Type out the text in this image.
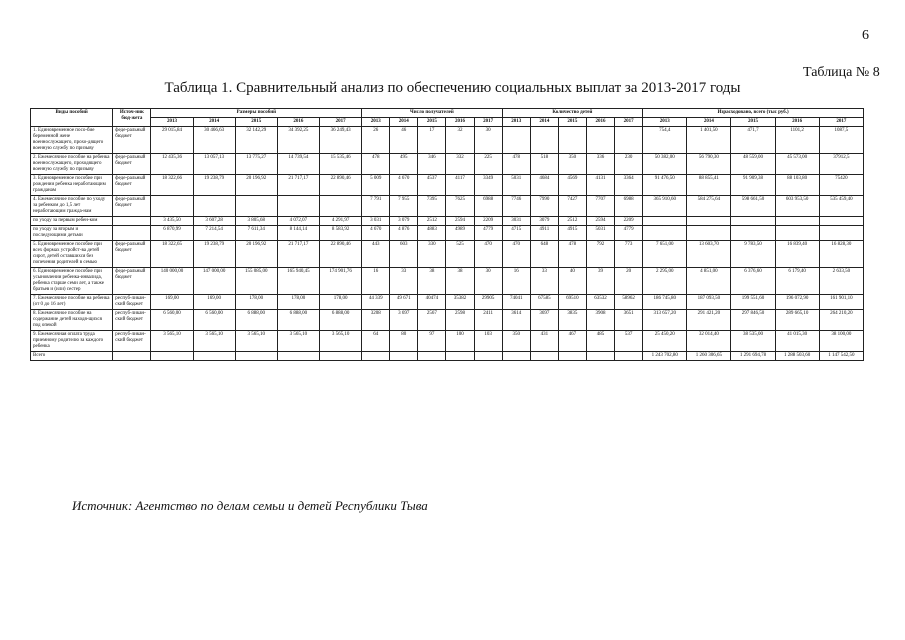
6
Таблица № 8
Таблица 1. Сравнительный анализ по обеспечению социальных выплат за 2013-2017 годы
Виды пособий	Источ-ник бюд-жета	Размеры пособий					Число получателей					Количество детей					Израсходовано, всего (тыс руб.)				
		2013	2014	2015	2016	2017	2013	2014	2015	2016	2017	2013	2014	2015	2016	2017	2013	2014	2015	2016	2017
1. Единовременное посо-бие беременной жене военнослужащего, прохо-дящего военную службу по призыву	феде-ральный бюджет	29 015,84	30 466,63	32 142,29	34 392,25	36 249,43	26	46	17	32	30						754,4	1 401,50	471,7	1101,2	1087,5
2. Ежемесячное пособие на ребенка военнослужащего, проходящего военную службу по призыву	феде-ральный бюджет	12 435,36	13 057,13	13 775,27	14 739,54	15 535,46	478	495	346	332	225	478	518	350	336	230	50 382,00	56 790,30	48 559,00	45 573,00	37912,5
3. Единовременное пособие при рождении ребенка неработающим гражданам	феде-ральный бюджет	18 322,66	19 238,79	20 196,92	21 717,17	22 890,46	5 009	4 670	4537	4117	3349	5031	4684	4569	4131	3364	91 476,50	88 855,41	91 909,38	88 103,80	75420
4. Ежемесячное пособие по уходу за ребенком до 1,5 лет неработающим гражда-нам	феде-ральный бюджет						7 791	7 955	7395	7625	6988	7746	7990	7427	7707	6988	365 910,60	584 275,64	598 661,50	603 953,50	535 459,40
по уходу за первым ребен-ком		3 435,50	3 607,28	3 805,68	4 072,07	4 291,97	3 031	3 079	2512	2594	2209	3031	3079	2512	2594	2209					
по уходу за вторым и последующими детьми		6 870,99	7 214,54	7 611,34	8 144,14	8 583,92	4 670	4 876	4883	4989	4779	4715	4911	4915	5031	4779					
5. Единовременное пособие при всех формах устройст-ва детей сирот, детей оставшихся без попечения родителей в семью	феде-ральный бюджет	18 322,65	19 238,79	20 196,92	21 717,17	22 890,46	443	603	330	525	470	470	648	478	792	773	7 651,00	13 603,70	9 783,50	16 839,40	16 828,30
6. Единовременное пособие при усыновлении ребенка-инвалида, ребенка старше семи лет, а также братьев и (или) сестер	феде-ральный бюджет	140 000,00	147 000,00	155 085,00	165 940,45	174 901,76	16	33	38	38	30	16	33	40	39	20	2 295,00	4 851,00	6 376,60	6 179,40	2 633,50
7. Ежемесячное пособие на ребенка (от 0 до 16 лет)	респуб-ликан-ский бюджет	169,00	169,00	178,00	178,00	178,00	44 339	49 671	40474	35382	29905	74041	67585	69510	63532	58962	186 745,80	187 093,50	199 551,60	196 072,90	161 901,10
8. Ежемесячное пособие на содержание детей находя-щихся под опекой	респуб-ликан-ский бюджет	6 560,00	6 560,00	6 888,00	6 888,00	6 888,00	3208	3 697	2567	2598	2411	3614	3697	3835	3908	3651	313 657,20	291 421,20	297 846,50	289 665,10	264 210,20
9. Ежемесячная оплата труда приемному родителю за каждого ребенка	респуб-ликан-ский бюджет	3 565,10	3 565,10	3 565,10	3 565,10	3 565,10	64	80	97	100	103	350	431	467	485	537	25 450,20	32 014,40	38 535,00	41 015,30	38 100,00
Всего																	1 243 702,80	1 260 306,65	1 291 694,78	1 288 503,60	1 147 542,50
Источник: Агентство по делам семьи и детей Республики Тыва
